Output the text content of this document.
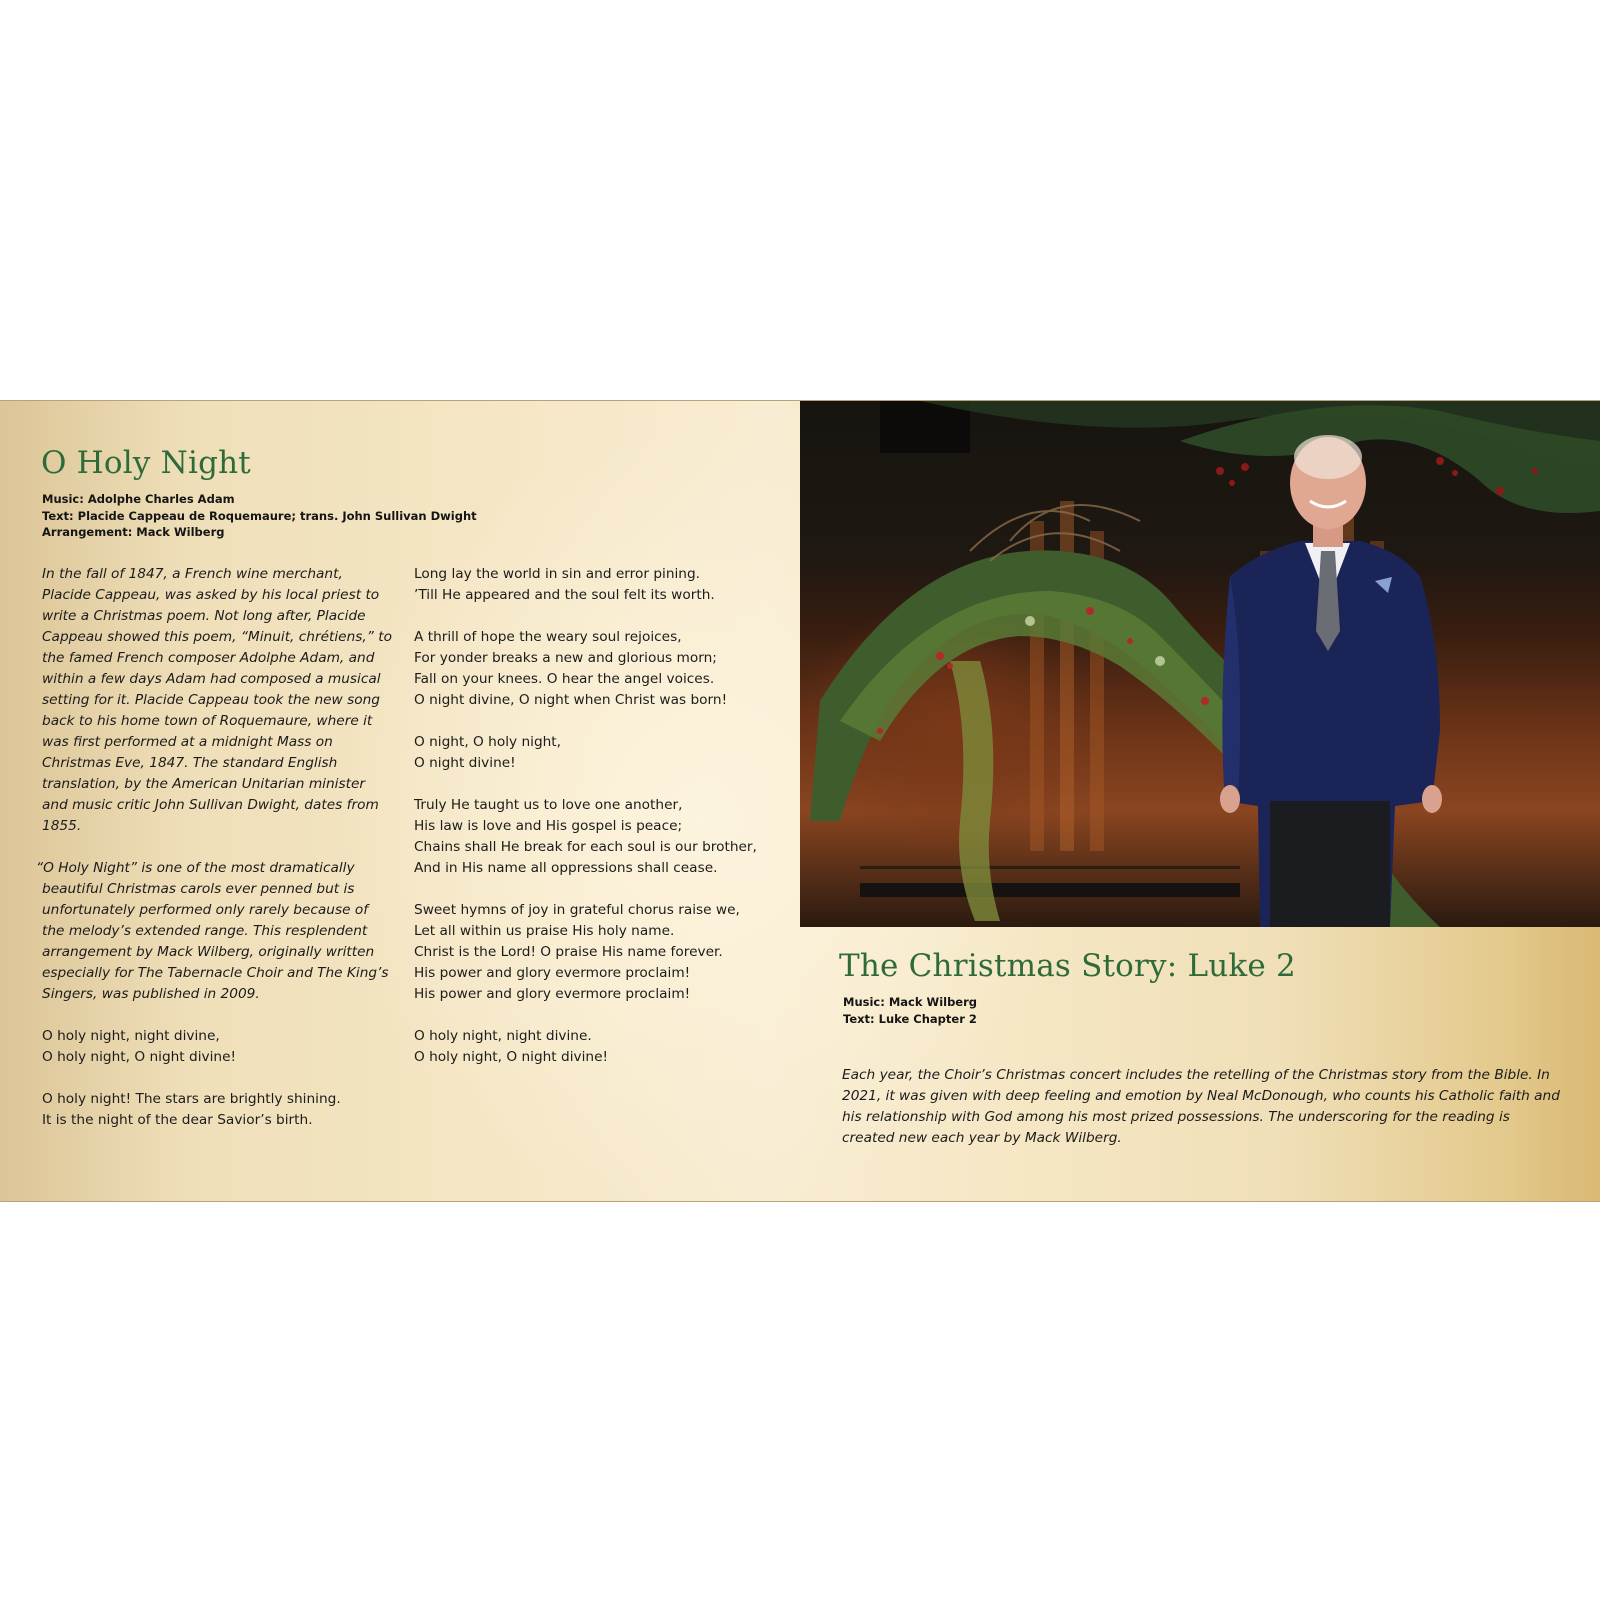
O Holy Night
Music: Adolphe Charles Adam
Text: Placide Cappeau de Roquemaure; trans. John Sullivan Dwight
Arrangement: Mack Wilberg

In the fall of 1847, a French wine merchant, Placide Cappeau, was asked by his local priest to write a Christmas poem. Not long after, Placide Cappeau showed this poem, “Minuit, chrétiens,” to the famed French composer Adolphe Adam, and within a few days Adam had composed a musical setting for it. Placide Cappeau took the new song back to his home town of Roquemaure, where it was first performed at a midnight Mass on Christmas Eve, 1847. The standard English translation, by the American Unitarian minister and music critic John Sullivan Dwight, dates from 1855.

“O Holy Night” is one of the most dramatically beautiful Christmas carols ever penned but is unfortunately performed only rarely because of the melody’s extended range. This resplendent arrangement by Mack Wilberg, originally written especially for The Tabernacle Choir and The King’s Singers, was published in 2009.

O holy night, night divine,
O holy night, O night divine!
O holy night! The stars are brightly shining.
It is the night of the dear Savior’s birth.
Long lay the world in sin and error pining.
’Till He appeared and the soul felt its worth.
A thrill of hope the weary soul rejoices,
For yonder breaks a new and glorious morn;
Fall on your knees. O hear the angel voices.
O night divine, O night when Christ was born!
O night, O holy night,
O night divine!
Truly He taught us to love one another,
His law is love and His gospel is peace;
Chains shall He break for each soul is our brother,
And in His name all oppressions shall cease.
Sweet hymns of joy in grateful chorus raise we,
Let all within us praise His holy name.
Christ is the Lord! O praise His name forever.
His power and glory evermore proclaim!
His power and glory evermore proclaim!
O holy night, night divine.
O holy night, O night divine!
The Christmas Story: Luke 2
Music: Mack Wilberg
Text: Luke Chapter 2

Each year, the Choir’s Christmas concert includes the retelling of the Christmas story from the Bible. In 2021, it was given with deep feeling and emotion by Neal McDonough, who counts his Catholic faith and his relationship with God among his most prized possessions. The underscoring for the reading is created new each year by Mack Wilberg.
